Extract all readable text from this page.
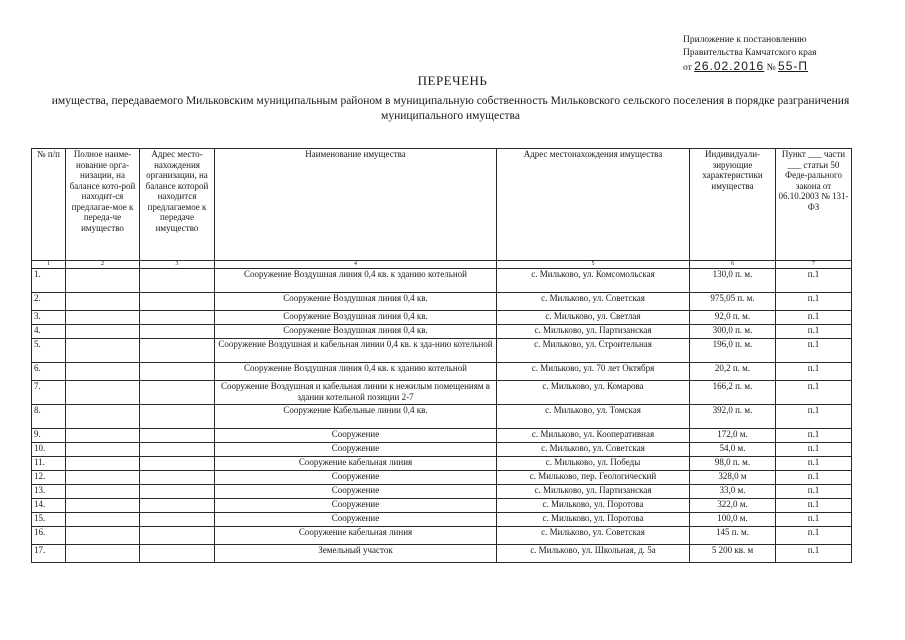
Приложение к постановлению
Правительства Камчатского края
от 26.02.2016 № 55-П
ПЕРЕЧЕНЬ
имущества, передаваемого Мильковским муниципальным районом в муниципальную собственность Мильковского сельского поселения в порядке разграничения муниципального имущества
№ п/п	Полное наиме-нование орга-низации, на балансе кото-рой находит-ся предлагае-мое к переда-че имущество	Адрес место-нахождения организации, на балансе которой находится предлагаемое к передаче имущество	Наименование имущества	Адрес местонахождения имущества	Индивидуали-зирующие характеристики имущества	Пункт ___ части ___ статьи 50 Феде-рального закона от 06.10.2003 № 131-ФЗ
1	2	3	4	5	6	7
1.			Сооружение Воздушная линия 0,4 кв. к зданию котельной	с. Мильково, ул. Комсомольская	130,0 п. м.	п.1
2.			Сооружение Воздушная линия 0,4 кв.	с. Мильково, ул. Советская	975,05 п. м.	п.1
3.			Сооружение Воздушная линия 0,4 кв.	с. Мильково, ул. Светлая	92,0 п. м.	п.1
4.			Сооружение Воздушная линия 0,4 кв.	с. Мильково, ул. Партизанская	300,0 п. м.	п.1
5.			Сооружение Воздушная и кабельная линии 0,4 кв. к зда-нию котельной	с. Мильково, ул. Строительная	196,0 п. м.	п.1
6.			Сооружение Воздушная линия 0,4 кв. к зданию котельной	с. Мильково, ул. 70 лет Октября	20,2 п. м.	п.1
7.			Сооружение Воздушная и кабельная линии к нежилым помещениям в здании котельной позиции 2-7	с. Мильково, ул. Комарова	166,2 п. м.	п.1
8.			Сооружение Кабельные линии 0,4 кв.	с. Мильково, ул. Томская	392,0 п. м.	п.1
9.			Сооружение	с. Мильково, ул. Кооперативная	172,0 м.	п.1
10.			Сооружение	с. Мильково, ул. Советская	54,0 м.	п.1
11.			Сооружение кабельная линия	с. Мильково, ул. Победы	98,0 п. м.	п.1
12.			Сооружение	с. Мильково, пер. Геологический	328,0 м	п.1
13.			Сооружение	с. Мильково, ул. Партизанская	33,0 м.	п.1
14.			Сооружение	с. Мильково, ул. Поротова	322,0 м.	п.1
15.			Сооружение	с. Мильково, ул. Поротова	100,0 м.	п.1
16.			Сооружение кабельная линия	с. Мильково, ул. Советская	145 п. м.	п.1
17.			Земельный участок	с. Мильково, ул. Школьная, д. 5а	5 200 кв. м	п.1
